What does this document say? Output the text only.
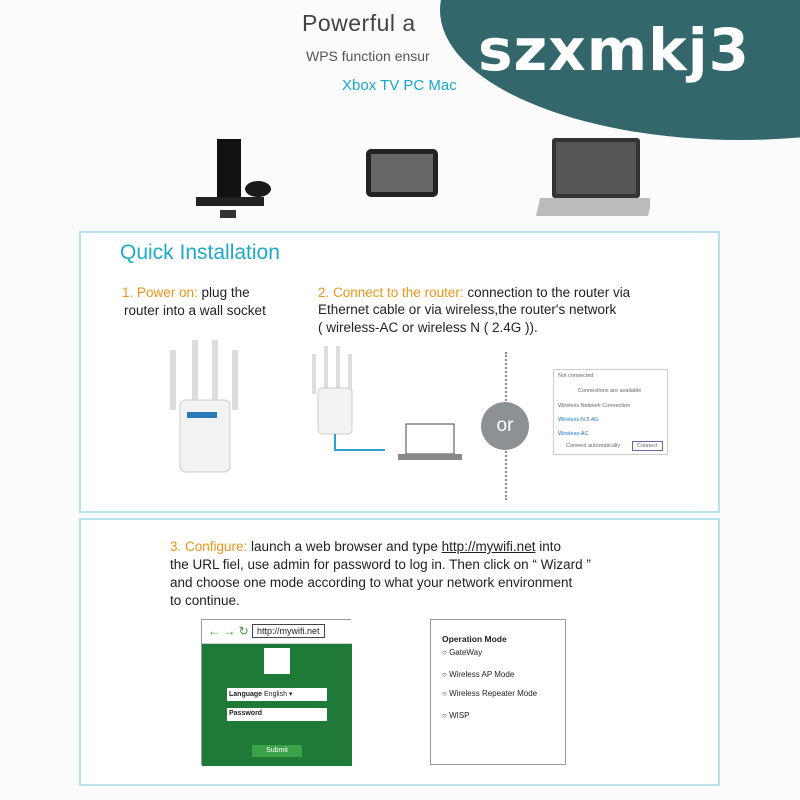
Powerful a
WPS function ensur
Xbox TV PC Mac
szxmkj3
Quick Installation
1. Power on: plug the
router into a wall socket
2. Connect to the router: connection to the router via
Ethernet cable or via wireless,the router's network
( wireless-AC or wireless N ( 2.4G )).
or
Not connected
Connections are available
Wireless Network Connection
Wireless-N 2.4G
Wireless-AC
Connect automatically	Connect
3. Configure: launch a web browser and type http://mywifi.net into
the URL fiel, use admin for password to log in. Then click on “ Wizard ”
and choose one mode according to what your network environment
to continue.
← → ↻ http://mywifi.net
Language English ▾
Password
Submit
Operation Mode
○ GateWay
○ Wireless AP Mode
○ Wireless Repeater Mode
○ WISP
